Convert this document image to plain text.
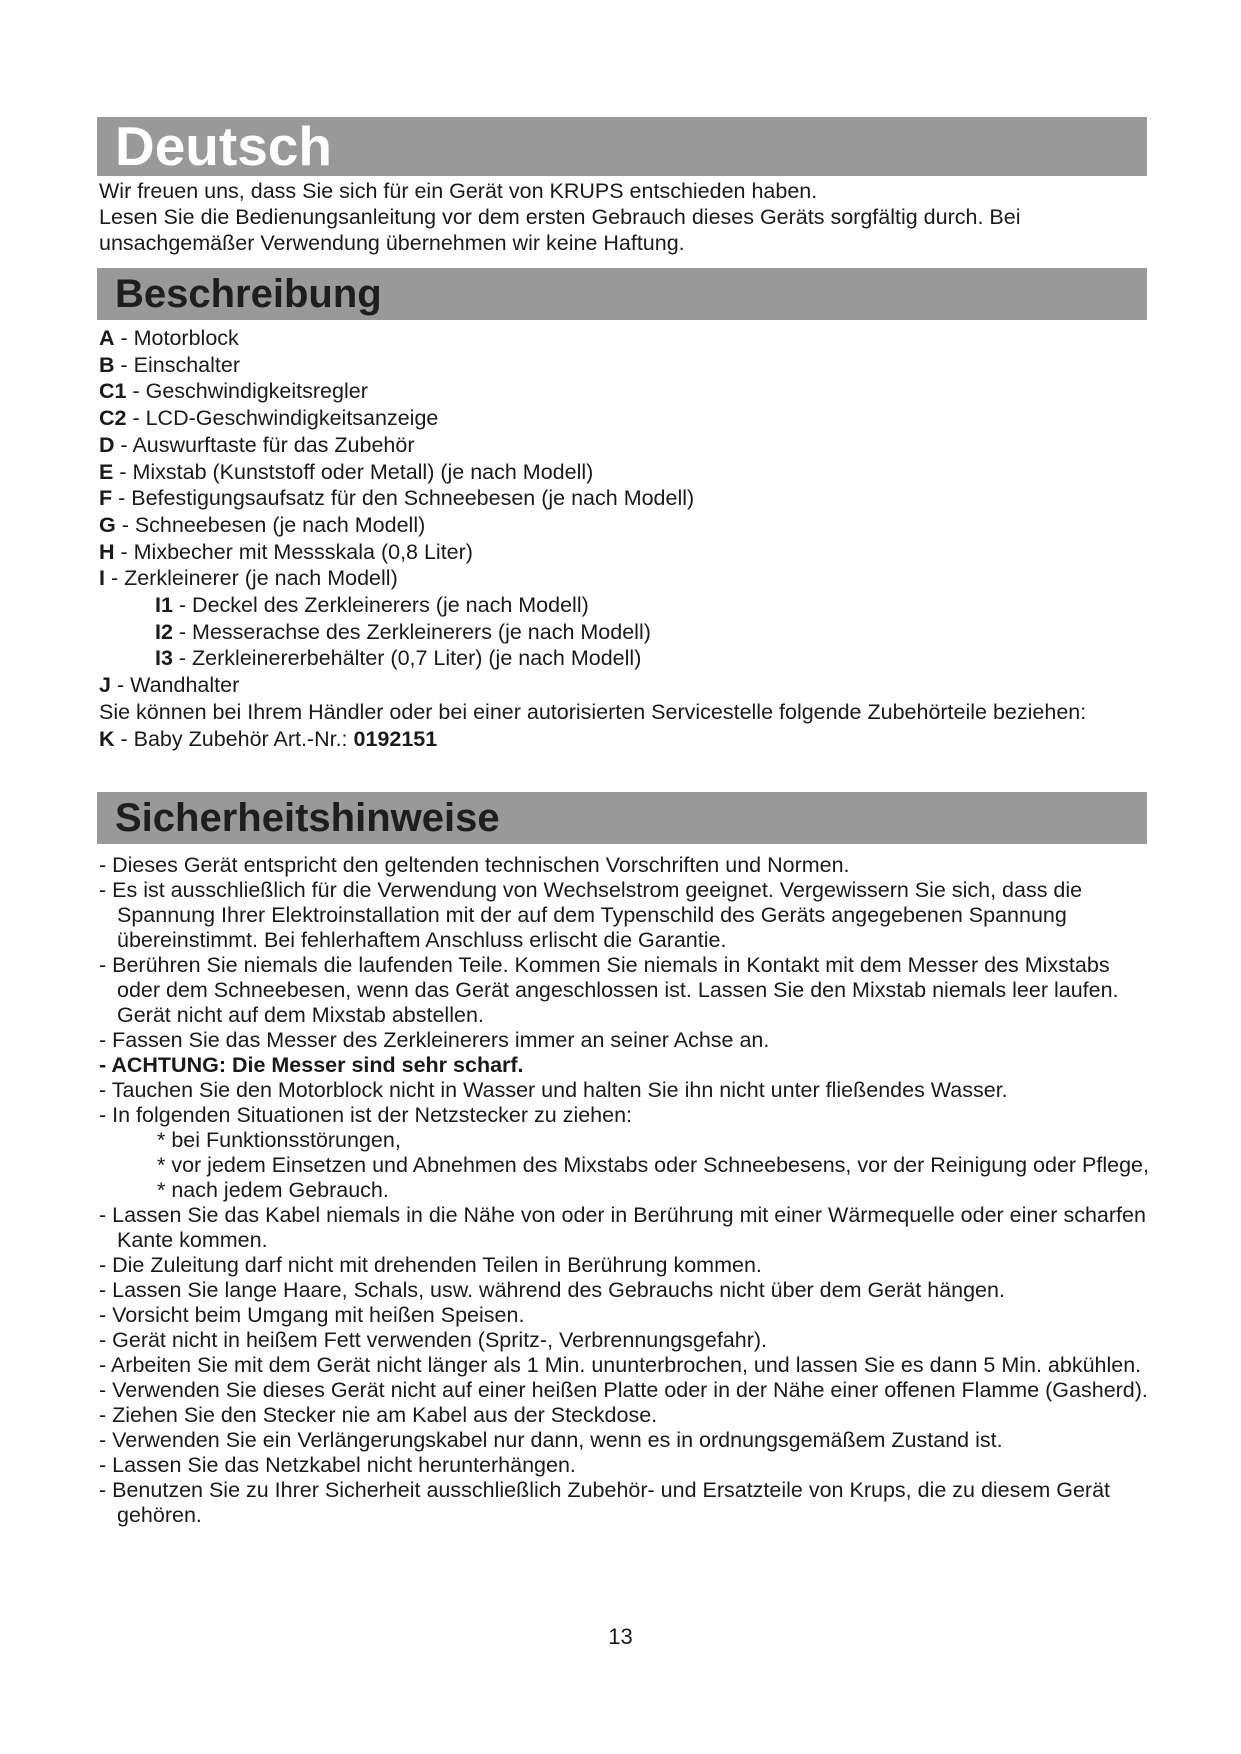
Deutsch

Wir freuen uns, dass Sie sich für ein Gerät von KRUPS entschieden haben.

Lesen Sie die Bedienungsanleitung vor dem ersten Gebrauch dieses Geräts sorgfältig durch. Bei unsachgemäßer Verwendung übernehmen wir keine Haftung.

Beschreibung
A - Motorblock
B - Einschalter
C1 - Geschwindigkeitsregler
C2 - LCD-Geschwindigkeitsanzeige
D - Auswurftaste für das Zubehör
E - Mixstab (Kunststoff oder Metall) (je nach Modell)
F - Befestigungsaufsatz für den Schneebesen (je nach Modell)
G - Schneebesen (je nach Modell)
H - Mixbecher mit Messskala (0,8 Liter)
I - Zerkleinerer (je nach Modell)
I1 - Deckel des Zerkleinerers (je nach Modell)
I2 - Messerachse des Zerkleinerers (je nach Modell)
I3 - Zerkleinererbehälter (0,7 Liter) (je nach Modell)
J - Wandhalter
Sie können bei Ihrem Händler oder bei einer autorisierten Servicestelle folgende Zubehörteile beziehen:
K - Baby Zubehör Art.-Nr.: 0192151
Sicherheitshinweise
- Dieses Gerät entspricht den geltenden technischen Vorschriften und Normen.
- Es ist ausschließlich für die Verwendung von Wechselstrom geeignet. Vergewissern Sie sich, dass die Spannung Ihrer Elektroinstallation mit der auf dem Typenschild des Geräts angegebenen Spannung übereinstimmt. Bei fehlerhaftem Anschluss erlischt die Garantie.
- Berühren Sie niemals die laufenden Teile. Kommen Sie niemals in Kontakt mit dem Messer des Mixstabs oder dem Schneebesen, wenn das Gerät angeschlossen ist. Lassen Sie den Mixstab niemals leer laufen. Gerät nicht auf dem Mixstab abstellen.
- Fassen Sie das Messer des Zerkleinerers immer an seiner Achse an.
- ACHTUNG: Die Messer sind sehr scharf.
- Tauchen Sie den Motorblock nicht in Wasser und halten Sie ihn nicht unter fließendes Wasser.
- In folgenden Situationen ist der Netzstecker zu ziehen:
* bei Funktionsstörungen,
* vor jedem Einsetzen und Abnehmen des Mixstabs oder Schneebesens, vor der Reinigung oder Pflege,
* nach jedem Gebrauch.
- Lassen Sie das Kabel niemals in die Nähe von oder in Berührung mit einer Wärmequelle oder einer scharfen Kante kommen.
- Die Zuleitung darf nicht mit drehenden Teilen in Berührung kommen.
- Lassen Sie lange Haare, Schals, usw. während des Gebrauchs nicht über dem Gerät hängen.
- Vorsicht beim Umgang mit heißen Speisen.
- Gerät nicht in heißem Fett verwenden (Spritz-, Verbrennungsgefahr).
- Arbeiten Sie mit dem Gerät nicht länger als 1 Min. ununterbrochen, und lassen Sie es dann 5 Min. abkühlen.
- Verwenden Sie dieses Gerät nicht auf einer heißen Platte oder in der Nähe einer offenen Flamme (Gasherd).
- Ziehen Sie den Stecker nie am Kabel aus der Steckdose.
- Verwenden Sie ein Verlängerungskabel nur dann, wenn es in ordnungsgemäßem Zustand ist.
- Lassen Sie das Netzkabel nicht herunterhängen.
- Benutzen Sie zu Ihrer Sicherheit ausschließlich Zubehör- und Ersatzteile von Krups, die zu diesem Gerät gehören.
13
